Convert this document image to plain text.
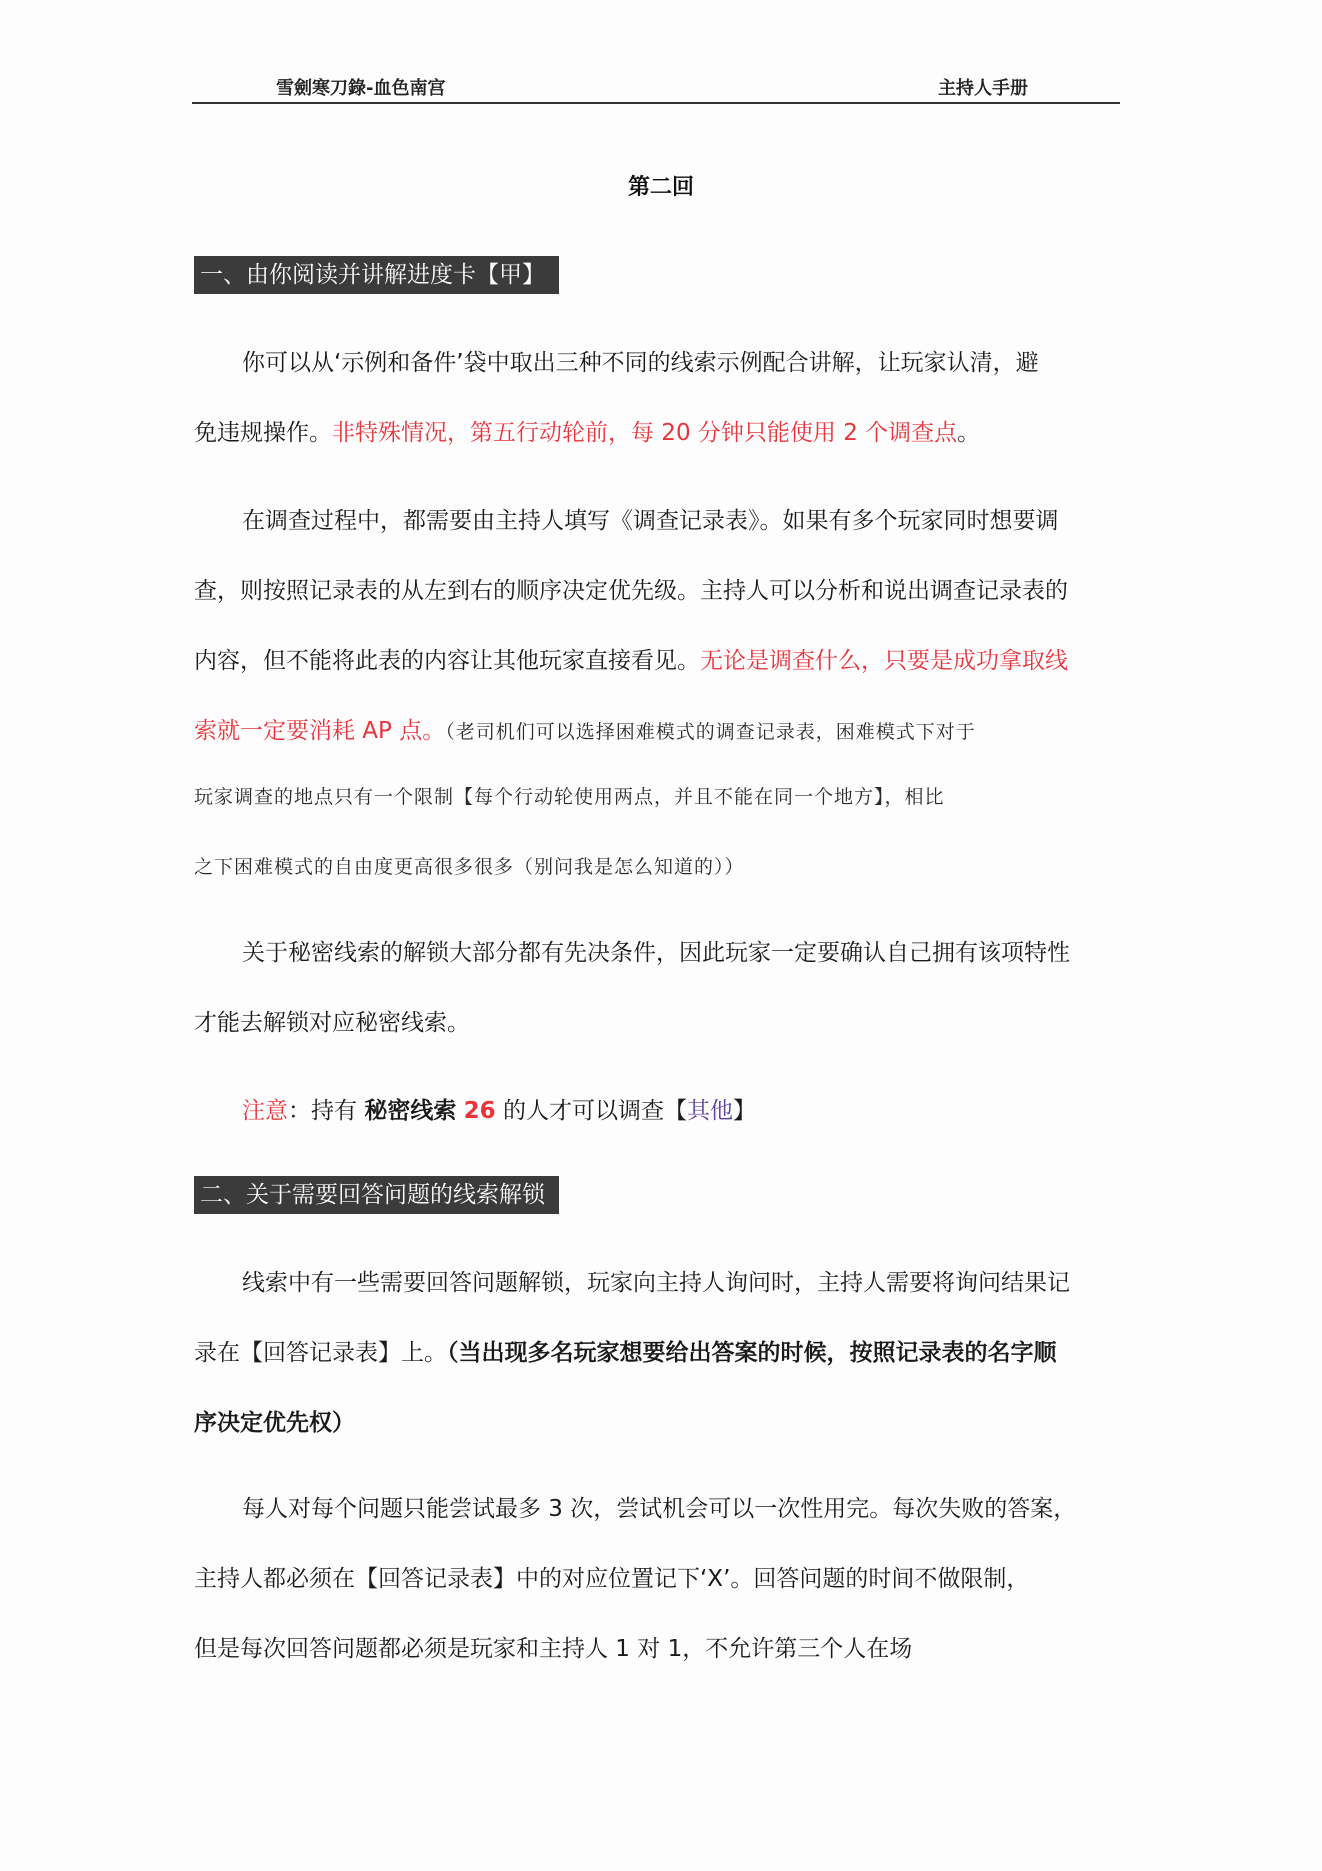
雪劍寒刀錄-血色南宫	主持人手册
第二回
一、由你阅读并讲解进度卡【甲】
你可以从‘示例和备件’袋中取出三种不同的线索示例配合讲解，让玩家认清，避
免违规操作。非特殊情况，第五行动轮前，每 20 分钟只能使用 2 个调查点。
在调查过程中，都需要由主持人填写《调查记录表》。如果有多个玩家同时想要调
查，则按照记录表的从左到右的顺序决定优先级。主持人可以分析和说出调查记录表的
内容，但不能将此表的内容让其他玩家直接看见。无论是调查什么，只要是成功拿取线
索就一定要消耗 AP 点。（老司机们可以选择困难模式的调查记录表，困难模式下对于
玩家调查的地点只有一个限制【每个行动轮使用两点，并且不能在同一个地方】，相比
之下困难模式的自由度更高很多很多（别问我是怎么知道的））
关于秘密线索的解锁大部分都有先决条件，因此玩家一定要确认自己拥有该项特性
才能去解锁对应秘密线索。
注意：持有 秘密线索 26 的人才可以调查【其他】
二、关于需要回答问题的线索解锁
线索中有一些需要回答问题解锁，玩家向主持人询问时，主持人需要将询问结果记
录在【回答记录表】上。（当出现多名玩家想要给出答案的时候，按照记录表的名字顺
序决定优先权）
每人对每个问题只能尝试最多 3 次，尝试机会可以一次性用完。每次失败的答案，
主持人都必须在【回答记录表】中的对应位置记下‘X’。回答问题的时间不做限制，
但是每次回答问题都必须是玩家和主持人 1 对 1，不允许第三个人在场
